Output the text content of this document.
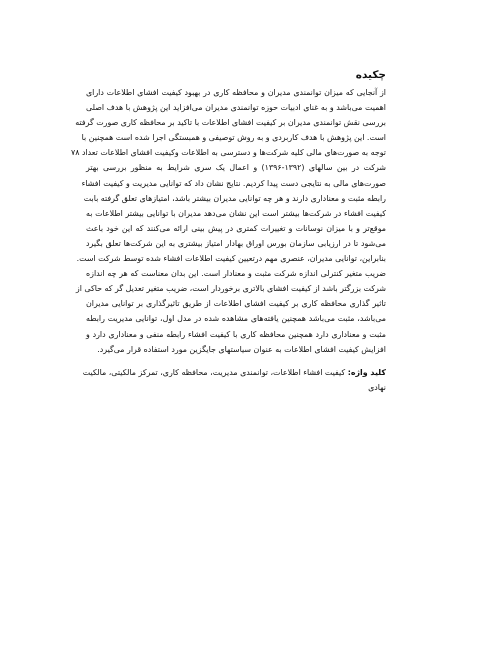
چکیده
از آنجایی که میزان توانمندی مدیران و محافظه کاری در بهبود کیفیت افشای اطلاعات دارای
اهمیت می‌باشد و به غنای ادبیات حوزه توانمندی مدیران می‌افزاید این پژوهش با هدف اصلی
بررسی نقش توانمندی مدیران بر کیفیت افشای اطلاعات با تاکید بر محافظه کاری صورت گرفته
است. این پژوهش با هدف کاربردی و به روش توصیفی و همبستگی اجرا شده است همچنین با
توجه به صورت‌های مالی کلیه شرکت‌ها و دسترسی به اطلاعات وکیفیت افشای اطلاعات تعداد ۷۸
شرکت در بین سالهای (۱۳۹۲-۱۳۹۶) و اعمال یک سری شرایط به منظور بررسی بهتر
صورت‌های مالی به نتایجی دست پیدا کردیم. نتایج نشان داد که توانایی مدیریت و کیفیت افشاء
رابطه مثبت و معناداری دارند و هر چه توانایی مدیران بیشتر باشد، امتیازهای تعلق گرفته بابت
کیفیت افشاء در شرکت‌ها بیشتر است این نشان می‌دهد مدیران با توانایی بیشتر اطلاعات به
موقع‌تر و با میزان نوسانات و تغییرات کمتری در پیش بینی ارائه می‌کنند که این خود باعث
می‌شود تا در ارزیابی سازمان بورس اوراق بهادار امتیاز بیشتری به این شرکت‌ها تعلق بگیرد
بنابراین، توانایی مدیران، عنصری مهم درتعیین کیفیت اطلاعات افشاء شده توسط شرکت است.
ضریب متغیر کنترلی اندازه شرکت مثبت و معنادار است. این بدان معناست که هر چه اندازه
شرکت بزرگتر باشد از کیفیت افشای بالاتری برخوردار است، ضریب متغیر تعدیل گر که حاکی از
تاثیر گذاری محافظه کاری بر کیفیت افشای اطلاعات از طریق تاثیرگذاری بر توانایی مدیران
می‌باشد، مثبت می‌باشد همچنین یافته‌های مشاهده شده در مدل اول، توانایی مدیریت رابطه
مثبت و معناداری دارد همچنین محافظه کاری با کیفیت افشاء رابطه منفی و معناداری دارد و
افزایش کیفیت افشای اطلاعات به عنوان سیاستهای جایگزین مورد استفاده قرار می‌گیرد.
کلید واژه: کیفیت افشاء اطلاعات، توانمندی مدیریت، محافظه کاری، تمرکز مالکیتی، مالکیت
نهادی
